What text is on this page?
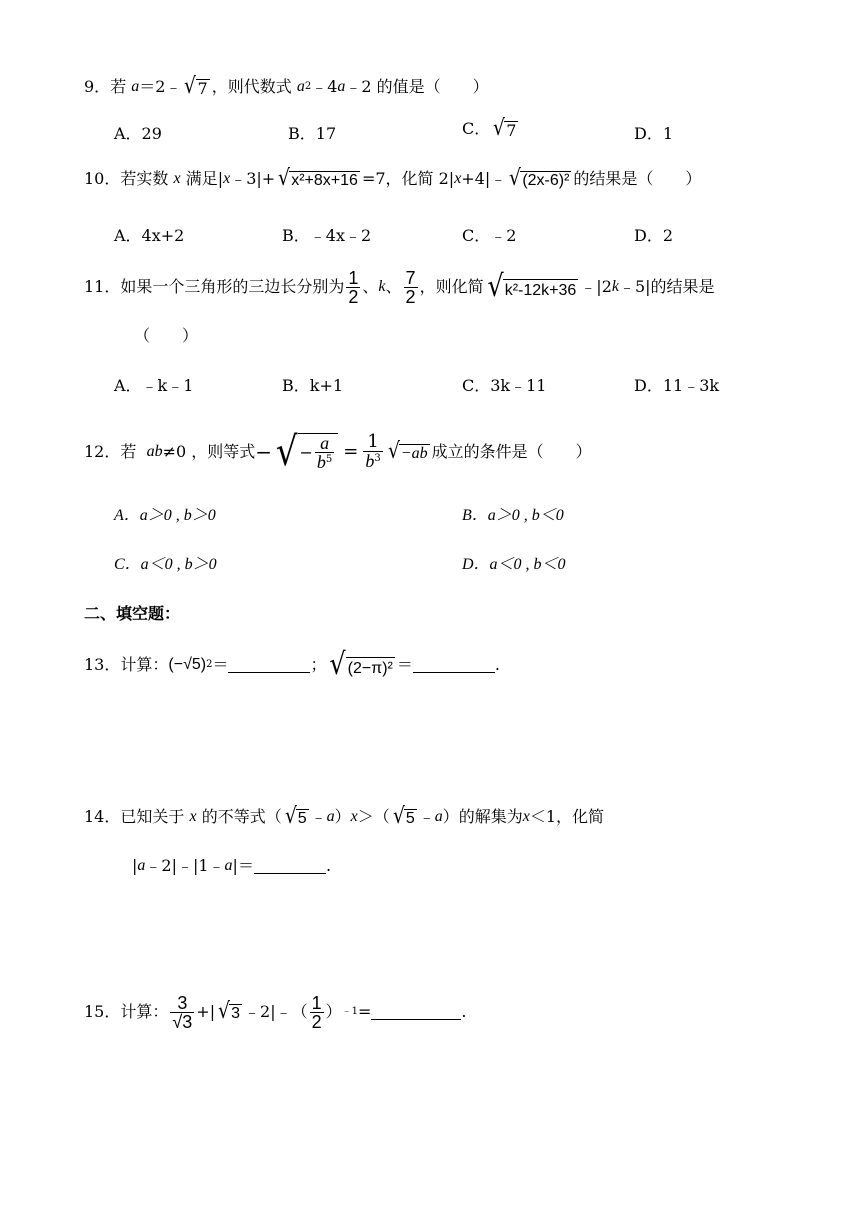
9． 若
a ＝2﹣ √ 7 ，则代数式
a 2 ﹣4 a ﹣2 的值是（　　）
A．29	B．17	C． √ 7	D．1
10． 若实数
x
满足| x ﹣3|+ √ x²+8x+16 =7，化简 2| x +4|﹣ √ (2x-6)² 的结果是（　　）
A．4x+2	B．﹣4x﹣2	C．﹣2	D．2
11． 如果一个三角形的三边长分别为 $\frac{1}{2}$ 、 k 、 $\frac{7}{2}$ ，则化简 √ k²-12k+36 ﹣|2 k ﹣5|的结果是
（　　）
A．﹣k﹣1	B．k+1	C．3k﹣11	D．11﹣3k
12． 若
ab ≠0 ，则等式 − √ − $\frac{a}{b^5} = \frac{1}{b^3}$ √ −ab 成立的条件是（　　）
A．a＞0 , b＞0	B．a＞0 , b＜0
C．a＜0 , b＞0	D．a＜0 , b＜0
二、填空题：
13． 计算： (−√5) 2 ＝	； √ (2−π)² ＝	.
14． 已知关于
x
的不等式（ √ 5 ﹣ a ） x ＞（ √ 5 ﹣ a ）的解集为 x ＜1，化简
| a ﹣2|﹣|1﹣ a |＝	.
15． 计算： $\frac{3}{√3}$ +| √ 3 ﹣2|﹣（ $\frac{1}{2}$ ） ﹣1 =	.
